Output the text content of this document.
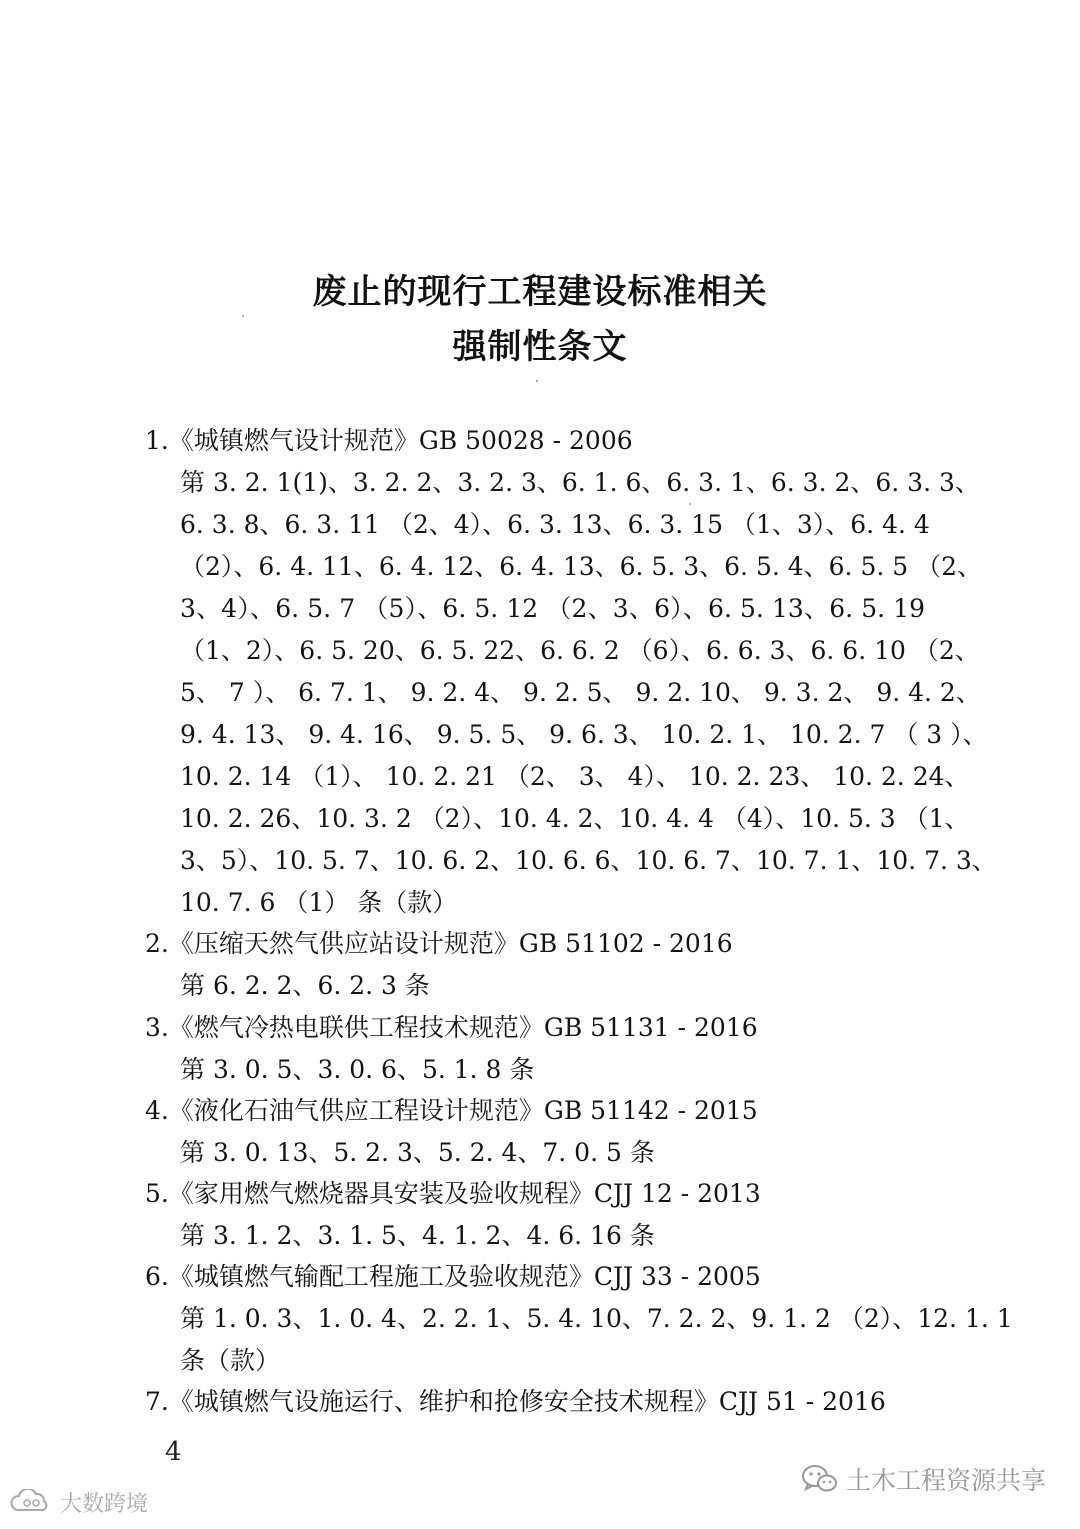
废止的现行工程建设标准相关
强制性条文
1.《城镇燃气设计规范》GB 50028 - 2006
第 3. 2. 1(1)、3. 2. 2、3. 2. 3、6. 1. 6、6. 3. 1、6. 3. 2、6. 3. 3、
6. 3. 8、6. 3. 11 （2、4）、6. 3. 13、6. 3. 15 （1、3）、6. 4. 4
（2）、6. 4. 11、6. 4. 12、6. 4. 13、6. 5. 3、6. 5. 4、6. 5. 5 （2、
3、4）、6. 5. 7 （5）、6. 5. 12 （2、3、6）、6. 5. 13、6. 5. 19
（1、2）、6. 5. 20、6. 5. 22、6. 6. 2 （6）、6. 6. 3、6. 6. 10 （2、
5、 7 ）、 6. 7. 1、 9. 2. 4、 9. 2. 5、 9. 2. 10、 9. 3. 2、 9. 4. 2、
9. 4. 13、 9. 4. 16、 9. 5. 5、 9. 6. 3、 10. 2. 1、 10. 2. 7 （ 3 ）、
10. 2. 14 （1）、 10. 2. 21 （2、 3、 4）、 10. 2. 23、 10. 2. 24、
10. 2. 26、10. 3. 2 （2）、10. 4. 2、10. 4. 4 （4）、10. 5. 3 （1、
3、5）、10. 5. 7、10. 6. 2、10. 6. 6、10. 6. 7、10. 7. 1、10. 7. 3、
10. 7. 6 （1） 条（款）
2.《压缩天然气供应站设计规范》GB 51102 - 2016
第 6. 2. 2、6. 2. 3 条
3.《燃气冷热电联供工程技术规范》GB 51131 - 2016
第 3. 0. 5、3. 0. 6、5. 1. 8 条
4.《液化石油气供应工程设计规范》GB 51142 - 2015
第 3. 0. 13、5. 2. 3、5. 2. 4、7. 0. 5 条
5.《家用燃气燃烧器具安装及验收规程》CJJ 12 - 2013
第 3. 1. 2、3. 1. 5、4. 1. 2、4. 6. 16 条
6.《城镇燃气输配工程施工及验收规范》CJJ 33 - 2005
第 1. 0. 3、1. 0. 4、2. 2. 1、5. 4. 10、7. 2. 2、9. 1. 2 （2）、12. 1. 1
条（款）
7.《城镇燃气设施运行、维护和抢修安全技术规程》CJJ 51 - 2016
4
大数跨境
土木工程资源共享
